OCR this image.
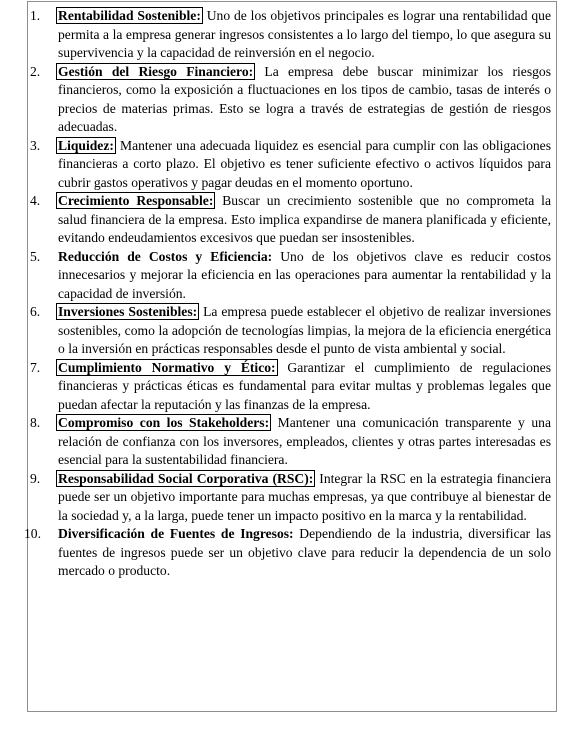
1. Rentabilidad Sostenible: Uno de los objetivos principales es lograr una rentabilidad que permita a la empresa generar ingresos consistentes a lo largo del tiempo, lo que asegura su supervivencia y la capacidad de reinversión en el negocio.
2. Gestión del Riesgo Financiero: La empresa debe buscar minimizar los riesgos financieros, como la exposición a fluctuaciones en los tipos de cambio, tasas de interés o precios de materias primas. Esto se logra a través de estrategias de gestión de riesgos adecuadas.
3. Liquidez: Mantener una adecuada liquidez es esencial para cumplir con las obligaciones financieras a corto plazo. El objetivo es tener suficiente efectivo o activos líquidos para cubrir gastos operativos y pagar deudas en el momento oportuno.
4. Crecimiento Responsable: Buscar un crecimiento sostenible que no comprometa la salud financiera de la empresa. Esto implica expandirse de manera planificada y eficiente, evitando endeudamientos excesivos que puedan ser insostenibles.
5. Reducción de Costos y Eficiencia: Uno de los objetivos clave es reducir costos innecesarios y mejorar la eficiencia en las operaciones para aumentar la rentabilidad y la capacidad de inversión.
6. Inversiones Sostenibles: La empresa puede establecer el objetivo de realizar inversiones sostenibles, como la adopción de tecnologías limpias, la mejora de la eficiencia energética o la inversión en prácticas responsables desde el punto de vista ambiental y social.
7. Cumplimiento Normativo y Ético: Garantizar el cumplimiento de regulaciones financieras y prácticas éticas es fundamental para evitar multas y problemas legales que puedan afectar la reputación y las finanzas de la empresa.
8. Compromiso con los Stakeholders: Mantener una comunicación transparente y una relación de confianza con los inversores, empleados, clientes y otras partes interesadas es esencial para la sustentabilidad financiera.
9. Responsabilidad Social Corporativa (RSC): Integrar la RSC en la estrategia financiera puede ser un objetivo importante para muchas empresas, ya que contribuye al bienestar de la sociedad y, a la larga, puede tener un impacto positivo en la marca y la rentabilidad.
10. Diversificación de Fuentes de Ingresos: Dependiendo de la industria, diversificar las fuentes de ingresos puede ser un objetivo clave para reducir la dependencia de un solo mercado o producto.
